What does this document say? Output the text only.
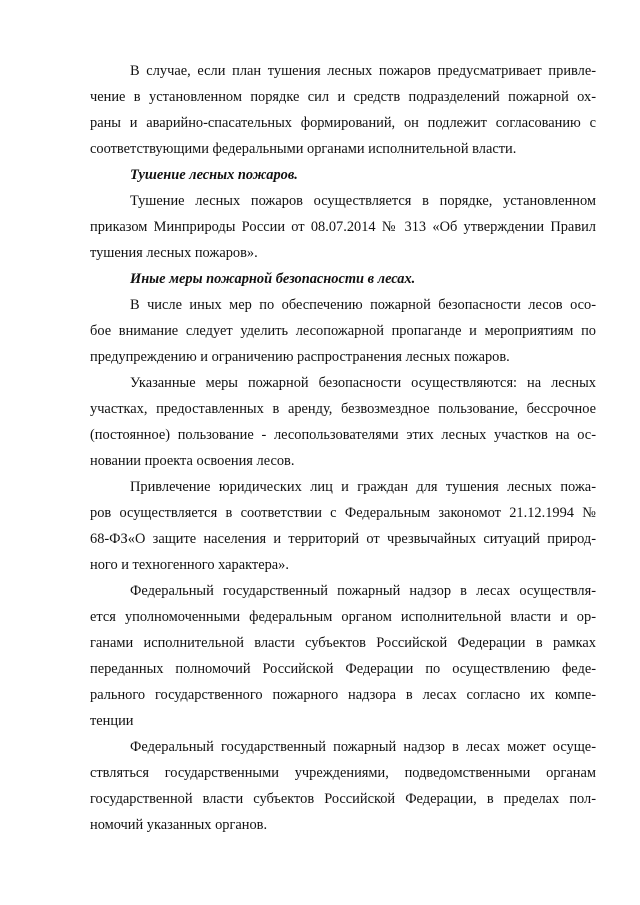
В случае, если план тушения лесных пожаров предусматривает привле-
чение в установленном порядке сил и средств подразделений пожарной ох-
раны и аварийно-спасательных формирований, он подлежит согласованию с
соответствующими федеральными органами исполнительной власти.
Тушение лесных пожаров.
Тушение лесных пожаров осуществляется в порядке, установленном
приказом Минприроды России от 08.07.2014 № 313 «Об утверждении Правил
тушения лесных пожаров».
Иные меры пожарной безопасности в лесах.
В числе иных мер по обеспечению пожарной безопасности лесов осо-
бое внимание следует уделить лесопожарной пропаганде и мероприятиям по
предупреждению и ограничению распространения лесных пожаров.
Указанные меры пожарной безопасности осуществляются: на лесных
участках, предоставленных в аренду, безвозмездное пользование, бессрочное
(постоянное) пользование - лесопользователями этих лесных участков на ос-
новании проекта освоения лесов.
Привлечение юридических лиц и граждан для тушения лесных пожа-
ров осуществляется в соответствии с Федеральным закономот 21.12.1994 №
68-ФЗ«О защите населения и территорий от чрезвычайных ситуаций природ-
ного и техногенного характера».
Федеральный государственный пожарный надзор в лесах осуществля-
ется уполномоченными федеральным органом исполнительной власти и ор-
ганами исполнительной власти субъектов Российской Федерации в рамках
переданных полномочий Российской Федерации по осуществлению феде-
рального государственного пожарного надзора в лесах согласно их компе-
тенции
Федеральный государственный пожарный надзор в лесах может осуще-
ствляться государственными учреждениями, подведомственными органам
государственной власти субъектов Российской Федерации, в пределах пол-
номочий указанных органов.
